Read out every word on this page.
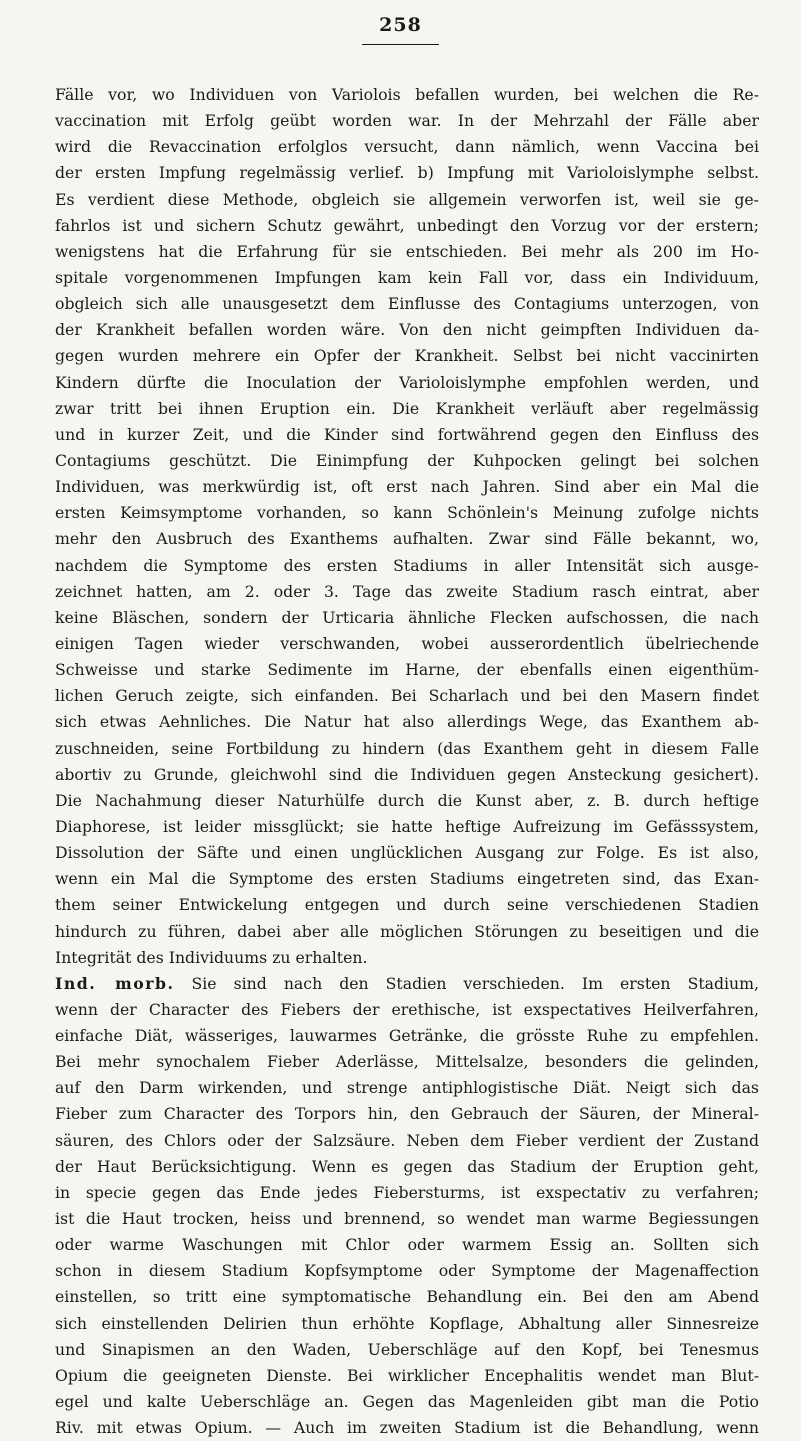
258
Fälle vor, wo Individuen von Variolois befallen wurden, bei welchen die Re-
vaccination mit Erfolg geübt worden war. In der Mehrzahl der Fälle aber
wird die Revaccination erfolglos versucht, dann nämlich, wenn Vaccina bei
der ersten Impfung regelmässig verlief. b) Impfung mit Varioloislymphe selbst.
Es verdient diese Methode, obgleich sie allgemein verworfen ist, weil sie ge-
fahrlos ist und sichern Schutz gewährt, unbedingt den Vorzug vor der erstern;
wenigstens hat die Erfahrung für sie entschieden. Bei mehr als 200 im Ho-
spitale vorgenommenen Impfungen kam kein Fall vor, dass ein Individuum,
obgleich sich alle unausgesetzt dem Einflusse des Contagiums unterzogen, von
der Krankheit befallen worden wäre. Von den nicht geimpften Individuen da-
gegen wurden mehrere ein Opfer der Krankheit. Selbst bei nicht vaccinirten
Kindern dürfte die Inoculation der Varioloislymphe empfohlen werden, und
zwar tritt bei ihnen Eruption ein. Die Krankheit verläuft aber regelmässig
und in kurzer Zeit, und die Kinder sind fortwährend gegen den Einfluss des
Contagiums geschützt. Die Einimpfung der Kuhpocken gelingt bei solchen
Individuen, was merkwürdig ist, oft erst nach Jahren. Sind aber ein Mal die
ersten Keimsymptome vorhanden, so kann Schönlein's Meinung zufolge nichts
mehr den Ausbruch des Exanthems aufhalten. Zwar sind Fälle bekannt, wo,
nachdem die Symptome des ersten Stadiums in aller Intensität sich ausge-
zeichnet hatten, am 2. oder 3. Tage das zweite Stadium rasch eintrat, aber
keine Bläschen, sondern der Urticaria ähnliche Flecken aufschossen, die nach
einigen Tagen wieder verschwanden, wobei ausserordentlich übelriechende
Schweisse und starke Sedimente im Harne, der ebenfalls einen eigenthüm-
lichen Geruch zeigte, sich einfanden. Bei Scharlach und bei den Masern findet
sich etwas Aehnliches. Die Natur hat also allerdings Wege, das Exanthem ab-
zuschneiden, seine Fortbildung zu hindern (das Exanthem geht in diesem Falle
abortiv zu Grunde, gleichwohl sind die Individuen gegen Ansteckung gesichert).
Die Nachahmung dieser Naturhülfe durch die Kunst aber, z. B. durch heftige
Diaphorese, ist leider missglückt; sie hatte heftige Aufreizung im Gefässsystem,
Dissolution der Säfte und einen unglücklichen Ausgang zur Folge. Es ist also,
wenn ein Mal die Symptome des ersten Stadiums eingetreten sind, das Exan-
them seiner Entwickelung entgegen und durch seine verschiedenen Stadien
hindurch zu führen, dabei aber alle möglichen Störungen zu beseitigen und die
Integrität des Individuums zu erhalten.
Ind. morb. Sie sind nach den Stadien verschieden. Im ersten Stadium,
wenn der Character des Fiebers der erethische, ist exspectatives Heilverfahren,
einfache Diät, wässeriges, lauwarmes Getränke, die grösste Ruhe zu empfehlen.
Bei mehr synochalem Fieber Aderlässe, Mittelsalze, besonders die gelinden,
auf den Darm wirkenden, und strenge antiphlogistische Diät. Neigt sich das
Fieber zum Character des Torpors hin, den Gebrauch der Säuren, der Mineral-
säuren, des Chlors oder der Salzsäure. Neben dem Fieber verdient der Zustand
der Haut Berücksichtigung. Wenn es gegen das Stadium der Eruption geht,
in specie gegen das Ende jedes Fiebersturms, ist exspectativ zu verfahren;
ist die Haut trocken, heiss und brennend, so wendet man warme Begiessungen
oder warme Waschungen mit Chlor oder warmem Essig an. Sollten sich
schon in diesem Stadium Kopfsymptome oder Symptome der Magenaffection
einstellen, so tritt eine symptomatische Behandlung ein. Bei den am Abend
sich einstellenden Delirien thun erhöhte Kopflage, Abhaltung aller Sinnesreize
und Sinapismen an den Waden, Ueberschläge auf den Kopf, bei Tenesmus
Opium die geeigneten Dienste. Bei wirklicher Encephalitis wendet man Blut-
egel und kalte Ueberschläge an. Gegen das Magenleiden gibt man die Potio
Riv. mit etwas Opium. — Auch im zweiten Stadium ist die Behandlung, wenn
